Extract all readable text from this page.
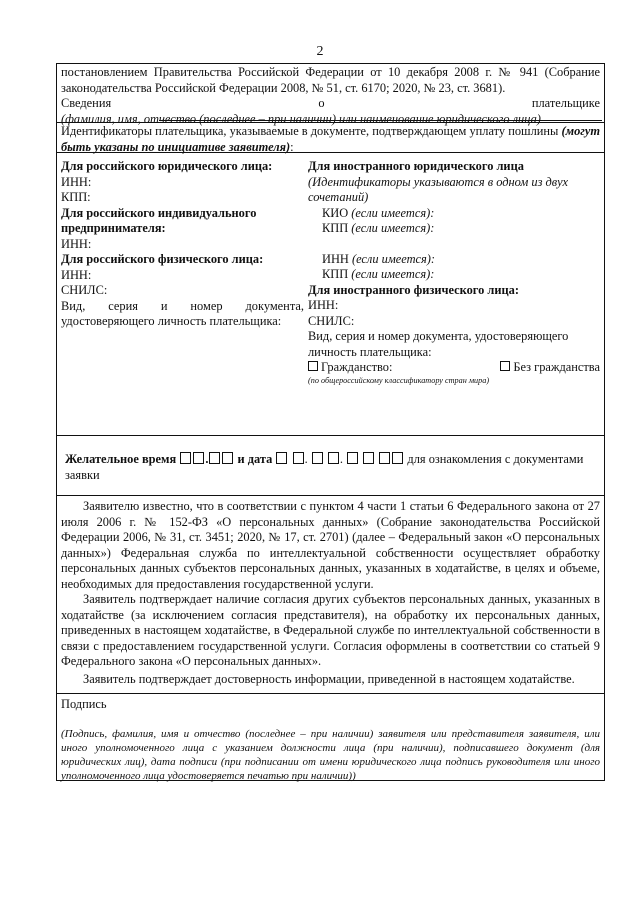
2

постановлением Правительства Российской Федерации от 10 декабря 2008 г. № 941 (Собрание законодательства Российской Федерации 2008, № 51, ст. 6170; 2020, № 23, ст. 3681).

Сведения о плательщике (фамилия, имя, отчество (последнее – при наличии) или наименование юридического лица)

Идентификаторы плательщика, указываемые в документе, подтверждающем уплату пошлины (могут быть указаны по инициативе заявителя):

Для российского юридического лица:

ИНН:

КПП:

Для российского индивидуального предпринимателя:

ИНН:

Для российского физического лица:

ИНН:

СНИЛС:

Вид, серия и номер документа,

удостоверяющего личность плательщика:

Для иностранного юридического лица

(Идентификаторы указываются в одном из двух сочетаний)

КИО (если имеется):

КПП (если имеется):

ИНН (если имеется):

КПП (если имеется):

Для иностранного физического лица:

ИНН:

СНИЛС:

Вид, серия и номер документа, удостоверяющего личность плательщика:

Гражданство:	Без гражданства

(по общероссийскому классификатору стран мира)

Желательное время . и дата	.  .	для ознакомления с документами заявки

Заявителю известно, что в соответствии с пунктом 4 части 1 статьи 6 Федерального закона от 27 июля 2006 г. № 152-ФЗ «О персональных данных» (Собрание законодательства Российской Федерации 2006, № 31, ст. 3451; 2020, № 17, ст. 2701) (далее – Федеральный закон «О персональных данных») Федеральная служба по интеллектуальной собственности осуществляет обработку персональных данных субъектов персональных данных, указанных в ходатайстве, в целях и объеме, необходимых для предоставления государственной услуги.

Заявитель подтверждает наличие согласия других субъектов персональных данных, указанных в ходатайстве (за исключением согласия представителя), на обработку их персональных данных, приведенных в настоящем ходатайстве, в Федеральной службе по интеллектуальной собственности в связи с предоставлением государственной услуги. Согласия оформлены в соответствии со статьей 9 Федерального закона «О персональных данных».

Заявитель подтверждает достоверность информации, приведенной в настоящем ходатайстве.

Подпись

(Подпись, фамилия, имя и отчество (последнее – при наличии) заявителя или представителя заявителя, или иного уполномоченного лица с указанием должности лица (при наличии), подписавшего документ (для юридических лиц), дата подписи (при подписании от имени юридического лица подпись руководителя или иного уполномоченного лица удостоверяется печатью при наличии))
